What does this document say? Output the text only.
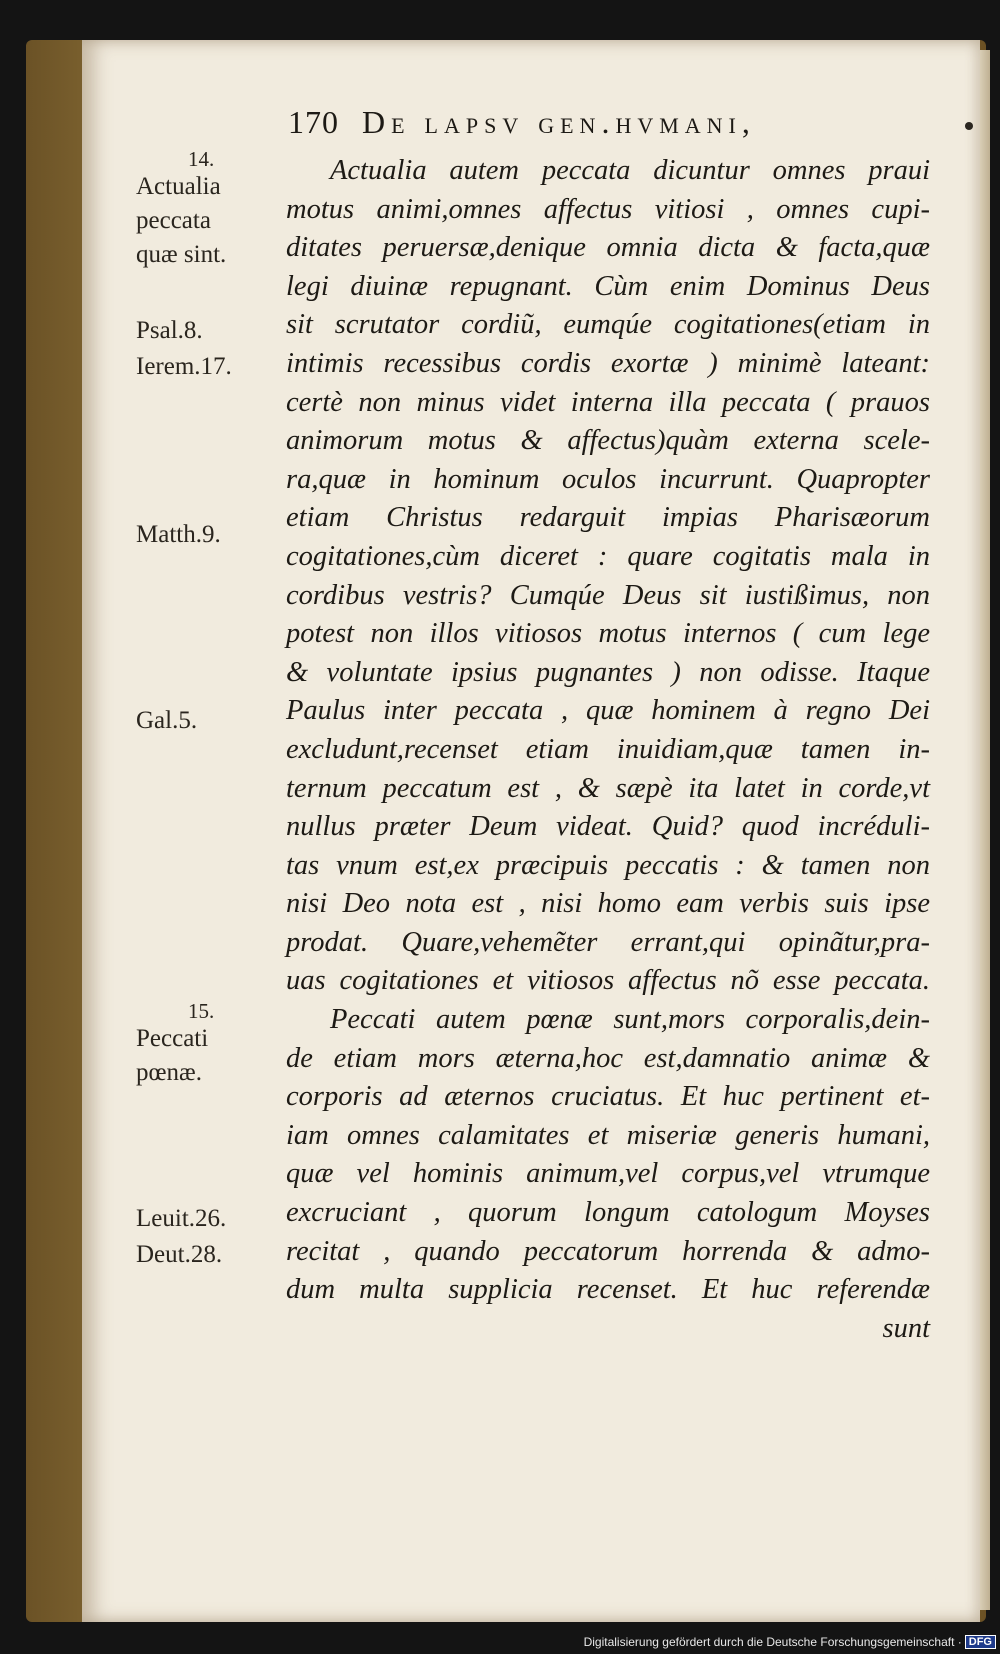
170 De lapsv gen.hvmani,
14.
Actualia
peccata
quæ sint.
Psal.8.
Ierem.17.
Matth.9.
Gal.5.
15.
Peccati
pœnæ.
Leuit.26.
Deut.28.
Actualia autem peccata dicuntur omnes praui
motus animi,omnes affectus vitiosi , omnes cupi-
ditates peruersæ,denique omnia dicta & facta,quæ
legi diuinæ repugnant. Cùm enim Dominus Deus
sit scrutator cordiũ, eumqúe cogitationes(etiam in
intimis recessibus cordis exortæ ) minimè lateant:
certè non minus videt interna illa peccata ( prauos
animorum motus & affectus)quàm externa scele-
ra,quæ in hominum oculos incurrunt. Quapropter
etiam Christus redarguit impias Pharisæorum
cogitationes,cùm diceret : quare cogitatis mala in
cordibus vestris? Cumqúe Deus sit iustißimus, non
potest non illos vitiosos motus internos ( cum lege
& voluntate ipsius pugnantes ) non odisse. Itaque
Paulus inter peccata , quæ hominem à regno Dei
excludunt,recenset etiam inuidiam,quæ tamen in-
ternum peccatum est , & sæpè ita latet in corde,vt
nullus præter Deum videat. Quid? quod incréduli-
tas vnum est,ex præcipuis peccatis : & tamen non
nisi Deo nota est , nisi homo eam verbis suis ipse
prodat. Quare,vehemẽter errant,qui opinãtur,pra-
uas cogitationes et vitiosos affectus nõ esse peccata.
Peccati autem pœnæ sunt,mors corporalis,dein-
de etiam mors æterna,hoc est,damnatio animæ &
corporis ad æternos cruciatus. Et huc pertinent et-
iam omnes calamitates et miseriæ generis humani,
quæ vel hominis animum,vel corpus,vel vtrumque
excruciant , quorum longum catologum Moyses
recitat , quando peccatorum horrenda & admo-
dum multa supplicia recenset. Et huc referendæ
sunt
Digitalisierung gefördert durch die Deutsche Forschungsgemeinschaft · DFG
